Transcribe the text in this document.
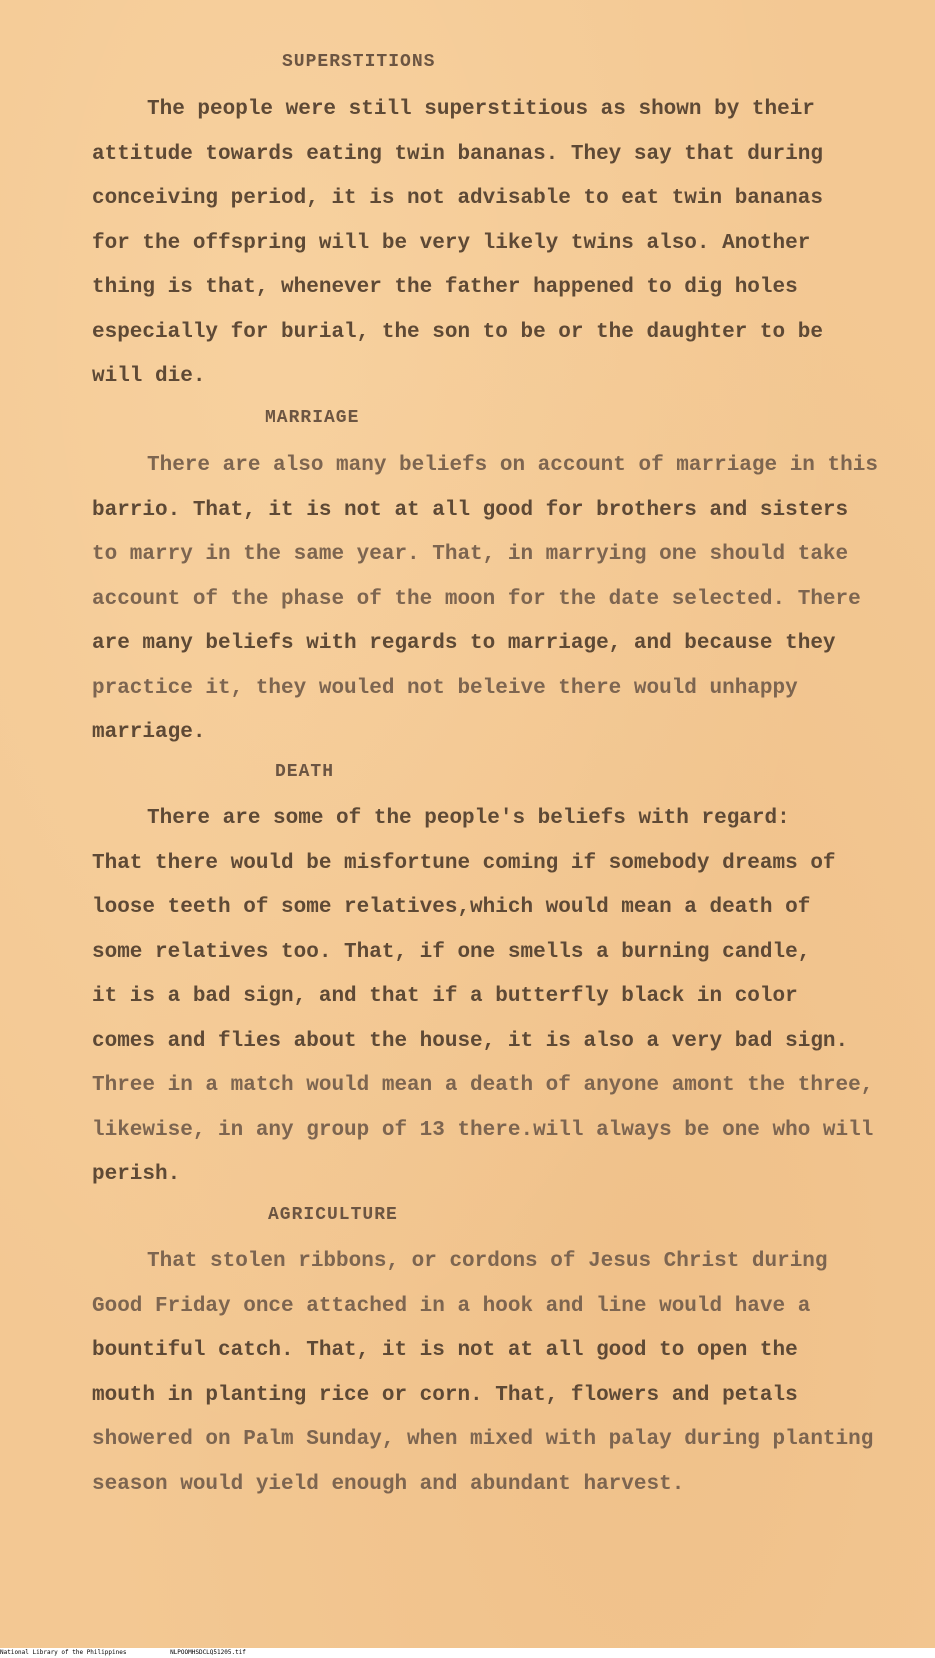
SUPERSTITIONS
The people were still superstitious as shown by their
attitude towards eating twin bananas. They say that during
conceiving period, it is not advisable to eat twin bananas
for the offspring will be very likely twins also. Another
thing is that, whenever the father happened to dig holes
especially for burial, the son to be or the daughter to be
will die.
MARRIAGE
There are also many beliefs on account of marriage in this
barrio. That, it is not at all good for brothers and sisters
to marry in the same year. That, in marrying one should take
account of the phase of the moon for the date selected. There
are many beliefs with regards to marriage, and because they
practice it, they wouled not beleive there would unhappy
marriage.
DEATH
There are some of the people's beliefs with regard:
That there would be misfortune coming if somebody dreams of
loose teeth of some relatives,which would mean a death of
some relatives too. That, if one smells a burning candle,
it is a bad sign, and that if a butterfly black in color
comes and flies about the house, it is also a very bad sign.
Three in a match would mean a death of anyone amont the three,
likewise, in any group of 13 there.will always be one who will
perish.
AGRICULTURE
That stolen ribbons, or cordons of Jesus Christ during
Good Friday once attached in a hook and line would have a
bountiful catch. That, it is not at all good to open the
mouth in planting rice or corn. That, flowers and petals
showered on Palm Sunday, when mixed with palay during planting
season would yield enough and abundant harvest.
National Library of the Philippines	NLPOOMHSDCLQ51205.tif
